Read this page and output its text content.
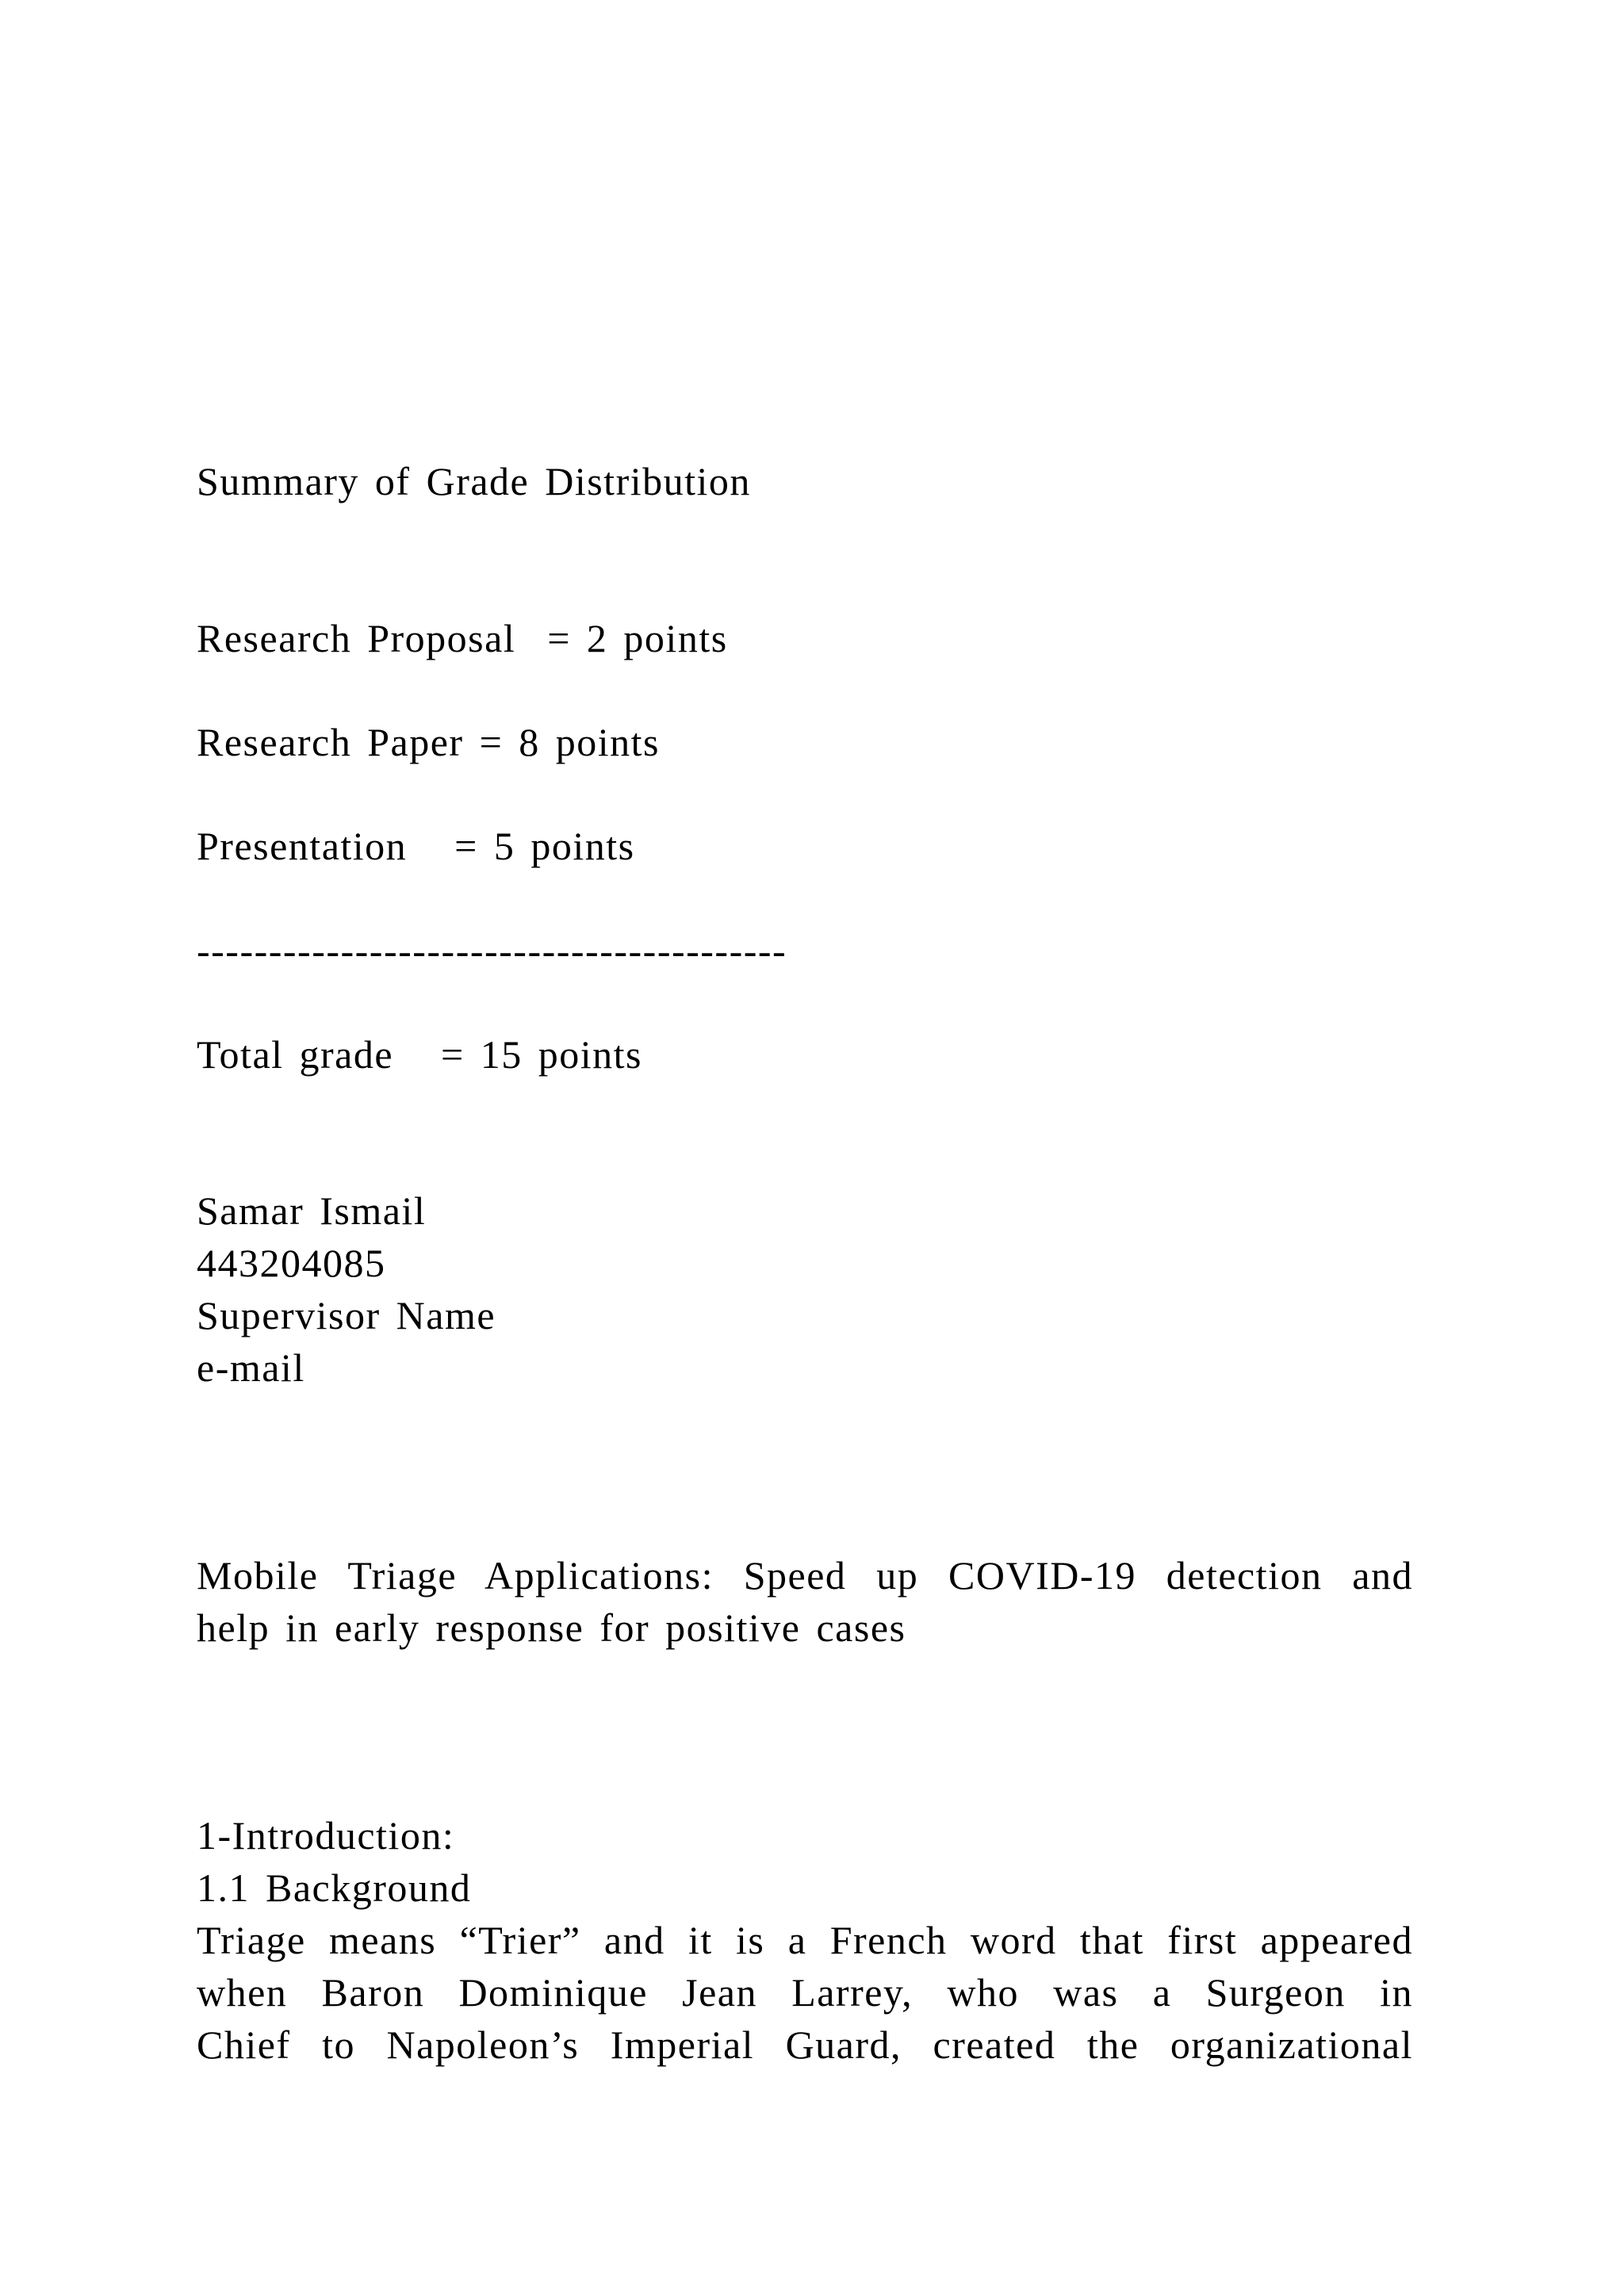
Summary of Grade Distribution
Research Proposal  = 2 points
Research Paper = 8 points
Presentation   = 5 points
-----------------------------------------
Total grade   = 15 points
Samar Ismail
443204085
Supervisor Name
e-mail
Mobile Triage Applications: Speed up COVID-19 detection and
help in early response for positive cases
1-Introduction:
1.1 Background
Triage means “Trier” and it is a French word that first appeared
when Baron Dominique Jean Larrey, who was a Surgeon in
Chief to Napoleon’s Imperial Guard, created the organizational
